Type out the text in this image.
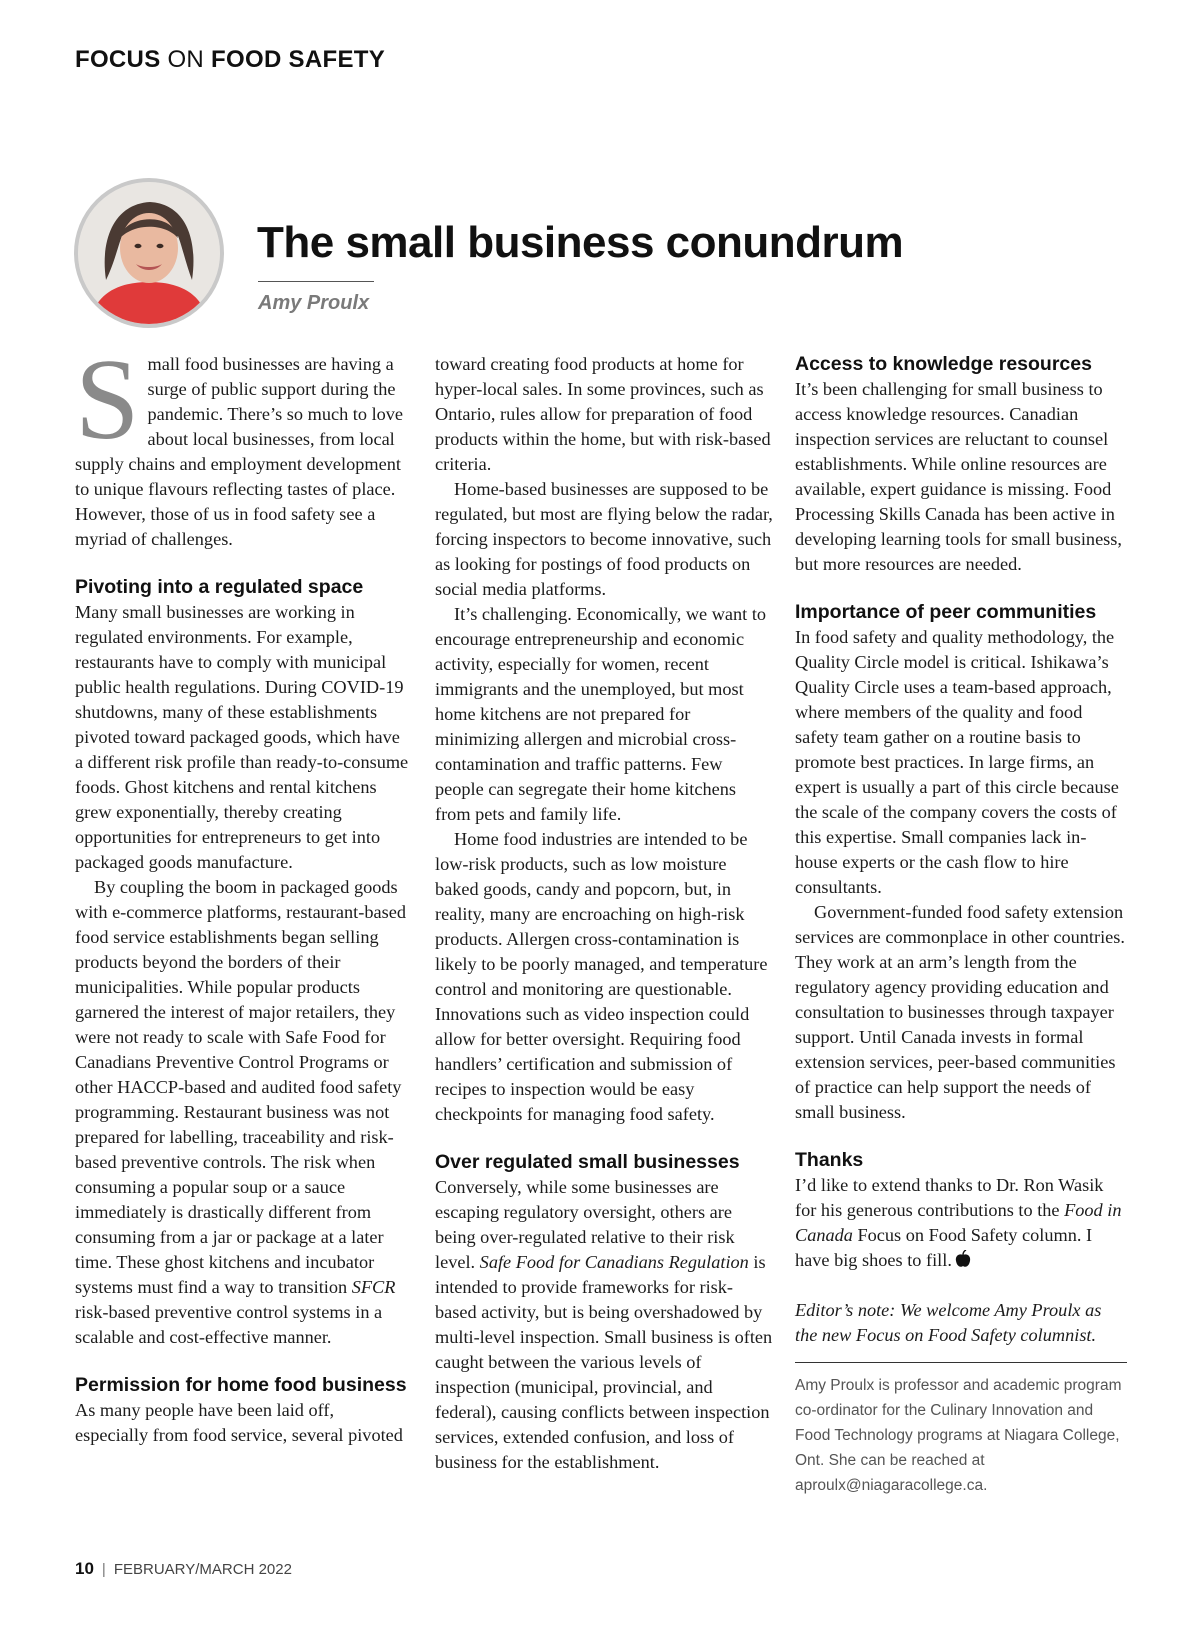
FOCUS ON FOOD SAFETY
The small business conundrum
Amy Proulx

Small food businesses are having a surge of public support during the pandemic. There’s so much to love about local businesses, from local supply chains and employment development to unique flavours reflecting tastes of place. However, those of us in food safety see a myriad of challenges.

Pivoting into a regulated space

Many small businesses are working in regulated environments. For example, restaurants have to comply with municipal public health regulations. During COVID-19 shutdowns, many of these establishments pivoted toward packaged goods, which have a different risk profile than ready-to-consume foods. Ghost kitchens and rental kitchens grew exponentially, thereby creating opportunities for entrepreneurs to get into packaged goods manufacture.

By coupling the boom in packaged goods with e-commerce platforms, restaurant-based food service establishments began selling products beyond the borders of their municipalities. While popular products garnered the interest of major retailers, they were not ready to scale with Safe Food for Canadians Preventive Control Programs or other HACCP-based and audited food safety programming. Restaurant business was not prepared for labelling, traceability and risk-based preventive controls. The risk when consuming a popular soup or a sauce immediately is drastically different from consuming from a jar or package at a later time. These ghost kitchens and incubator systems must find a way to transition SFCR risk-based preventive control systems in a scalable and cost-effective manner.

Permission for home food business

As many people have been laid off, especially from food service, several pivoted

toward creating food products at home for hyper-local sales. In some provinces, such as Ontario, rules allow for preparation of food products within the home, but with risk-based criteria.

Home-based businesses are supposed to be regulated, but most are flying below the radar, forcing inspectors to become innovative, such as looking for postings of food products on social media platforms.

It’s challenging. Economically, we want to encourage entrepreneurship and economic activity, especially for women, recent immigrants and the unemployed, but most home kitchens are not prepared for minimizing allergen and microbial cross-contamination and traffic patterns. Few people can segregate their home kitchens from pets and family life.

Home food industries are intended to be low-risk products, such as low moisture baked goods, candy and popcorn, but, in reality, many are encroaching on high-risk products. Allergen cross-contamination is likely to be poorly managed, and temperature control and monitoring are questionable. Innovations such as video inspection could allow for better oversight. Requiring food handlers’ certification and submission of recipes to inspection would be easy checkpoints for managing food safety.

Over regulated small businesses

Conversely, while some businesses are escaping regulatory oversight, others are being over-regulated relative to their risk level. Safe Food for Canadians Regulation is intended to provide frameworks for risk-based activity, but is being overshadowed by multi-level inspection. Small business is often caught between the various levels of inspection (municipal, provincial, and federal), causing conflicts between inspection services, extended confusion, and loss of business for the establishment.

Access to knowledge resources

It’s been challenging for small business to access knowledge resources. Canadian inspection services are reluctant to counsel establishments. While online resources are available, expert guidance is missing. Food Processing Skills Canada has been active in developing learning tools for small business, but more resources are needed.

Importance of peer communities

In food safety and quality methodology, the Quality Circle model is critical. Ishikawa’s Quality Circle uses a team-based approach, where members of the quality and food safety team gather on a routine basis to promote best practices. In large firms, an expert is usually a part of this circle because the scale of the company covers the costs of this expertise. Small companies lack in-house experts or the cash flow to hire consultants.

Government-funded food safety extension services are commonplace in other countries. They work at an arm’s length from the regulatory agency providing education and consultation to businesses through taxpayer support. Until Canada invests in formal extension services, peer-based communities of practice can help support the needs of small business.

Thanks

I’d like to extend thanks to Dr. Ron Wasik for his generous contributions to the Food in Canada Focus on Food Safety column. I have big shoes to fill.

Editor’s note: We welcome Amy Proulx as the new Focus on Food Safety columnist.

Amy Proulx is professor and academic program co-ordinator for the Culinary Innovation and Food Technology programs at Niagara College, Ont. She can be reached at aproulx@niagaracollege.ca.

10 | FEBRUARY/MARCH 2022
